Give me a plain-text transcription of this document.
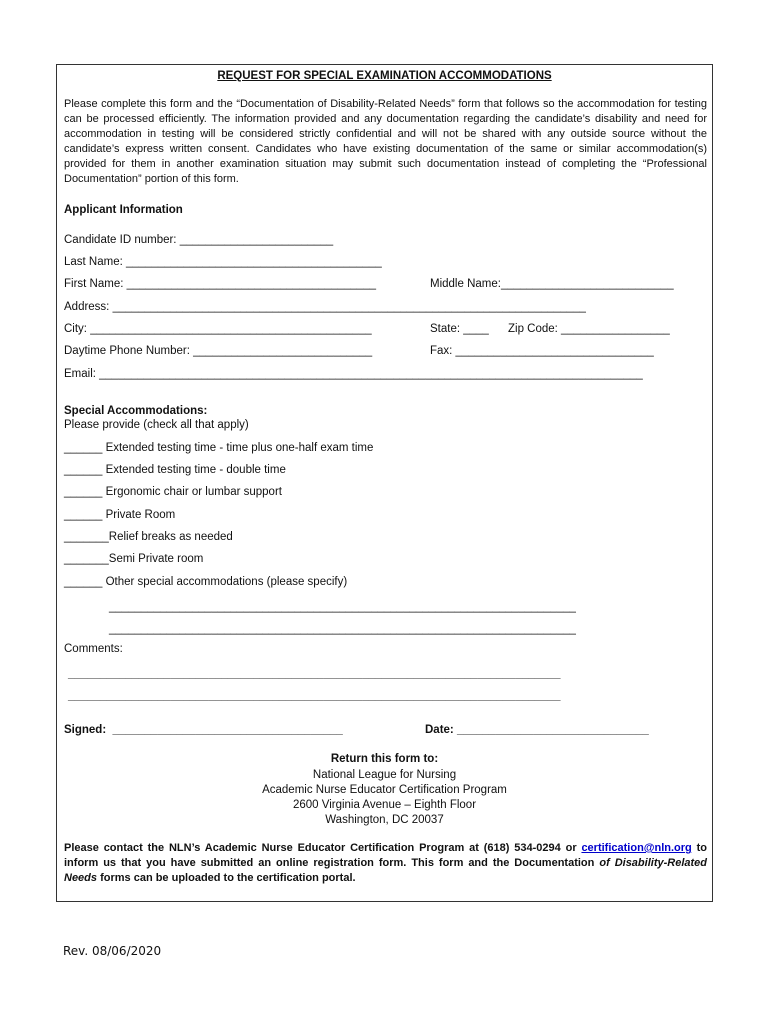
REQUEST FOR SPECIAL EXAMINATION ACCOMMODATIONS

Please complete this form and the “Documentation of Disability-Related Needs” form that follows so the accommodation for testing can be processed efficiently. The information provided and any documentation regarding the candidate’s disability and need for accommodation in testing will be considered strictly confidential and will not be shared with any outside source without the candidate’s express written consent. Candidates who have existing documentation of the same or similar accommodation(s) provided for them in another examination situation may submit such documentation instead of completing the “Professional Documentation” portion of this form.

Applicant Information
Candidate ID number: ________________________
Last Name: ________________________________________
First Name: _______________________________________	Middle Name:___________________________
Address: __________________________________________________________________________
City: ____________________________________________	State: ____ Zip Code: _________________
Daytime Phone Number: ____________________________	Fax: _______________________________
Email: _____________________________________________________________________________________
Special Accommodations:
Please provide (check all that apply)
______ Extended testing time - time plus one-half exam time
______ Extended testing time - double time
______ Ergonomic chair or lumbar support
______ Private Room
_______Relief breaks as needed
_______Semi Private room
______ Other special accommodations (please specify)
_________________________________________________________________________
_________________________________________________________________________
Comments:
_____________________________________________________________________________
_____________________________________________________________________________
Signed:  ____________________________________	Date: ______________________________
Return this form to:
National League for Nursing
Academic Nurse Educator Certification Program
2600 Virginia Avenue – Eighth Floor
Washington, DC 20037

Please contact the NLN’s Academic Nurse Educator Certification Program at (618) 534-0294 or certification@nln.org to inform us that you have submitted an online registration form. This form and the Documentation of Disability-Related Needs forms can be uploaded to the certification portal.

Rev. 08/06/2020
